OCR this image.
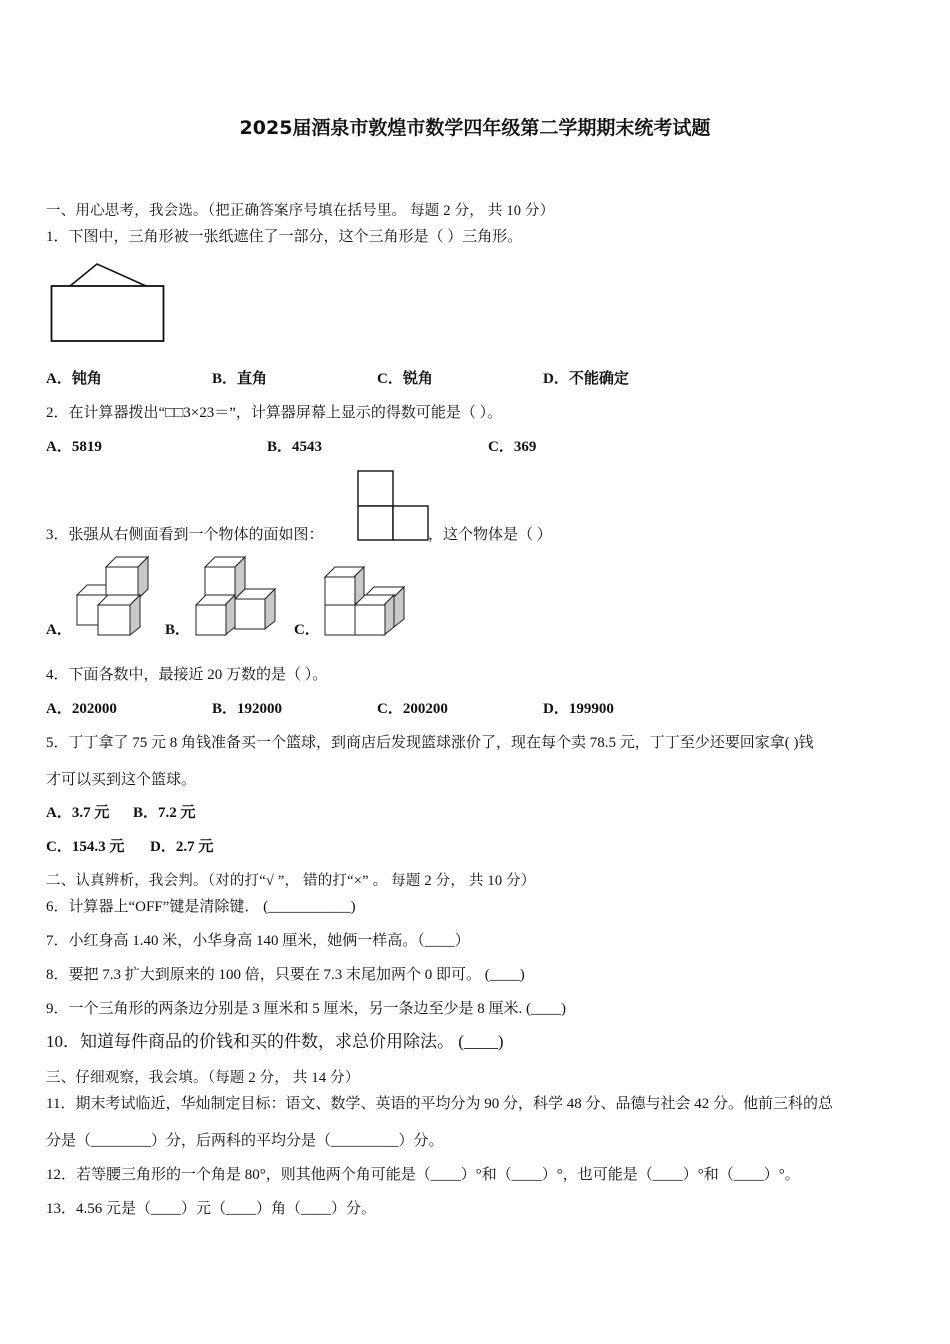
2025届酒泉市敦煌市数学四年级第二学期期末统考试题
一、用心思考，我会选。（把正确答案序号填在括号里。 每题 2 分， 共 10 分）
1．下图中，三角形被一张纸遮住了一部分，这个三角形是（ ）三角形。
A．钝角	B．直角	C．锐角	D．不能确定
2．在计算器拨出“□□3×23＝”，计算器屏幕上显示的得数可能是（ ）。
A．5819	B．4543	C．369
3．张强从右侧面看到一个物体的面如图：	，这个物体是（ ）
A．	B．	C．
4．下面各数中，最接近 20 万数的是（ ）。
A．202000	B．192000	C．200200	D．199900
5．丁丁拿了 75 元 8 角钱准备买一个篮球，到商店后发现篮球涨价了，现在每个卖 78.5 元，丁丁至少还要回家拿( )钱
才可以买到这个篮球。
A．3.7 元 B．7.2 元
C．154.3 元 D．2.7 元
二、认真辨析，我会判。（对的打“√ ”， 错的打“×” 。 每题 2 分， 共 10 分）
6．计算器上“OFF”键是清除键． (___________)
7．小红身高 1.40 米，小华身高 140 厘米，她俩一样高。（____）
8．要把 7.3 扩大到原来的 100 倍，只要在 7.3 末尾加两个 0 即可。 (____)
9．一个三角形的两条边分别是 3 厘米和 5 厘米，另一条边至少是 8 厘米. (____)
10．知道每件商品的价钱和买的件数，求总价用除法。 (____)
三、仔细观察，我会填。（每题 2 分， 共 14 分）
11．期末考试临近，华灿制定目标：语文、数学、英语的平均分为 90 分，科学 48 分、品德与社会 42 分。他前三科的总
分是（________）分，后两科的平均分是（_________）分。
12．若等腰三角形的一个角是 80°，则其他两个角可能是（____）°和（____）°，也可能是（____）°和（____）°。
13．4.56 元是（____）元（____）角（____）分。
